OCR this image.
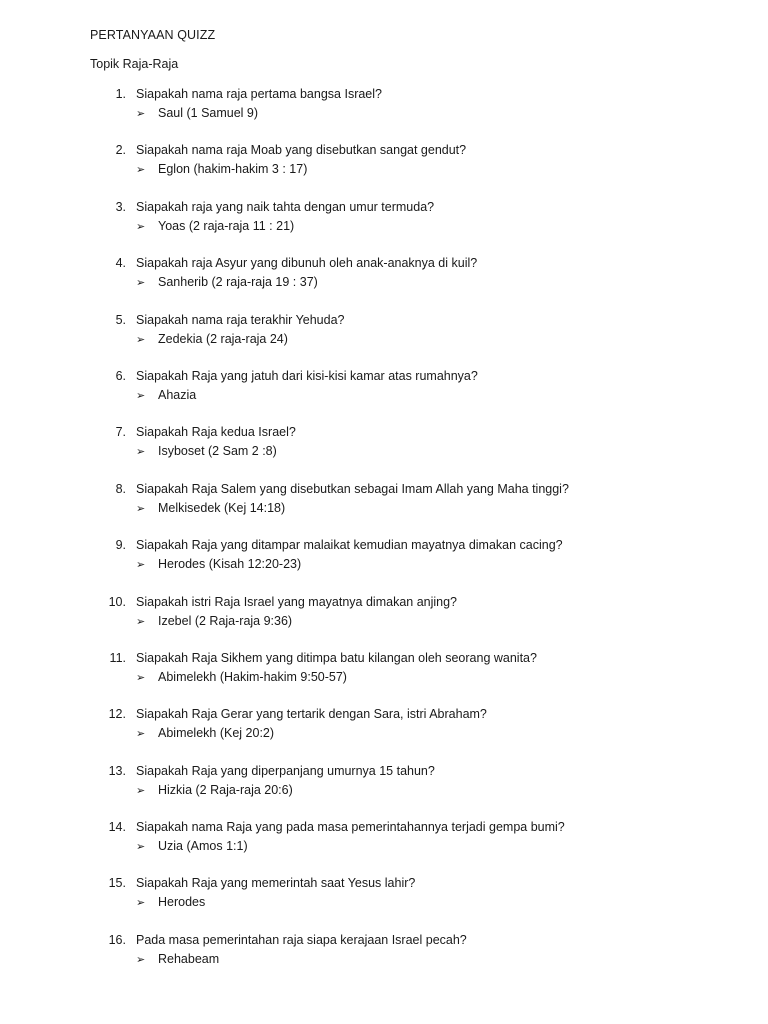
PERTANYAAN QUIZZ
Topik Raja-Raja
1. Siapakah nama raja pertama bangsa Israel?
➢ Saul (1 Samuel 9)
2. Siapakah nama raja Moab yang disebutkan sangat gendut?
➢ Eglon (hakim-hakim 3 : 17)
3. Siapakah raja yang naik tahta dengan umur termuda?
➢ Yoas (2 raja-raja 11 : 21)
4. Siapakah raja Asyur yang dibunuh oleh anak-anaknya di kuil?
➢ Sanherib (2 raja-raja 19 : 37)
5. Siapakah nama raja terakhir Yehuda?
➢ Zedekia (2 raja-raja 24)
6. Siapakah Raja yang jatuh dari kisi-kisi kamar atas rumahnya?
➢ Ahazia
7. Siapakah Raja kedua Israel?
➢ Isyboset (2 Sam 2 :8)
8. Siapakah Raja Salem yang disebutkan sebagai Imam Allah yang Maha tinggi?
➢ Melkisedek (Kej 14:18)
9. Siapakah Raja yang ditampar malaikat kemudian mayatnya dimakan cacing?
➢ Herodes (Kisah 12:20-23)
10. Siapakah istri Raja Israel yang mayatnya dimakan anjing?
➢ Izebel (2 Raja-raja 9:36)
11. Siapakah Raja Sikhem yang ditimpa batu kilangan oleh seorang wanita?
➢ Abimelekh (Hakim-hakim 9:50-57)
12. Siapakah Raja Gerar yang tertarik dengan Sara, istri Abraham?
➢ Abimelekh (Kej 20:2)
13. Siapakah Raja yang diperpanjang umurnya 15 tahun?
➢ Hizkia (2 Raja-raja 20:6)
14. Siapakah nama Raja yang pada masa pemerintahannya terjadi gempa bumi?
➢ Uzia (Amos 1:1)
15. Siapakah Raja yang memerintah saat Yesus lahir?
➢ Herodes
16. Pada masa pemerintahan raja siapa kerajaan Israel pecah?
➢ Rehabeam
